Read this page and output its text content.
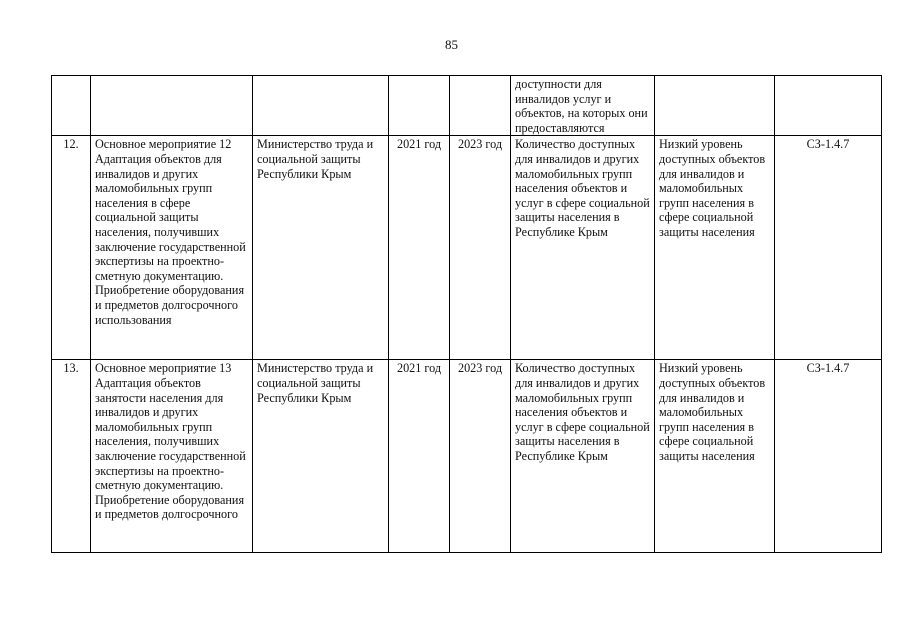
85
					доступности для инвалидов услуг и объектов, на которых они предоставляются		
12.	Основное мероприятие 12 Адаптация объектов для инвалидов и других маломобильных групп населения в сфере социальной защиты населения, получивших заключение государственной экспертизы на проектно-сметную документацию. Приобретение оборудования и предметов долгосрочного использования	Министерство труда и социальной защиты Республики Крым	2021 год	2023 год	Количество доступных для инвалидов и других маломобильных групп населения объектов и услуг в сфере социальной защиты населения в Республике Крым	Низкий уровень доступных объектов для инвалидов и маломобильных групп населения в сфере социальной защиты населения	СЗ-1.4.7
13.	Основное мероприятие 13 Адаптация объектов занятости населения для инвалидов и других маломобильных групп населения, получивших заключение государственной экспертизы на проектно-сметную документацию. Приобретение оборудования и предметов долгосрочного	Министерство труда и социальной защиты Республики Крым	2021 год	2023 год	Количество доступных для инвалидов и других маломобильных групп населения объектов и услуг в сфере социальной защиты населения в Республике Крым	Низкий уровень доступных объектов для инвалидов и маломобильных групп населения в сфере социальной защиты населения	СЗ-1.4.7
